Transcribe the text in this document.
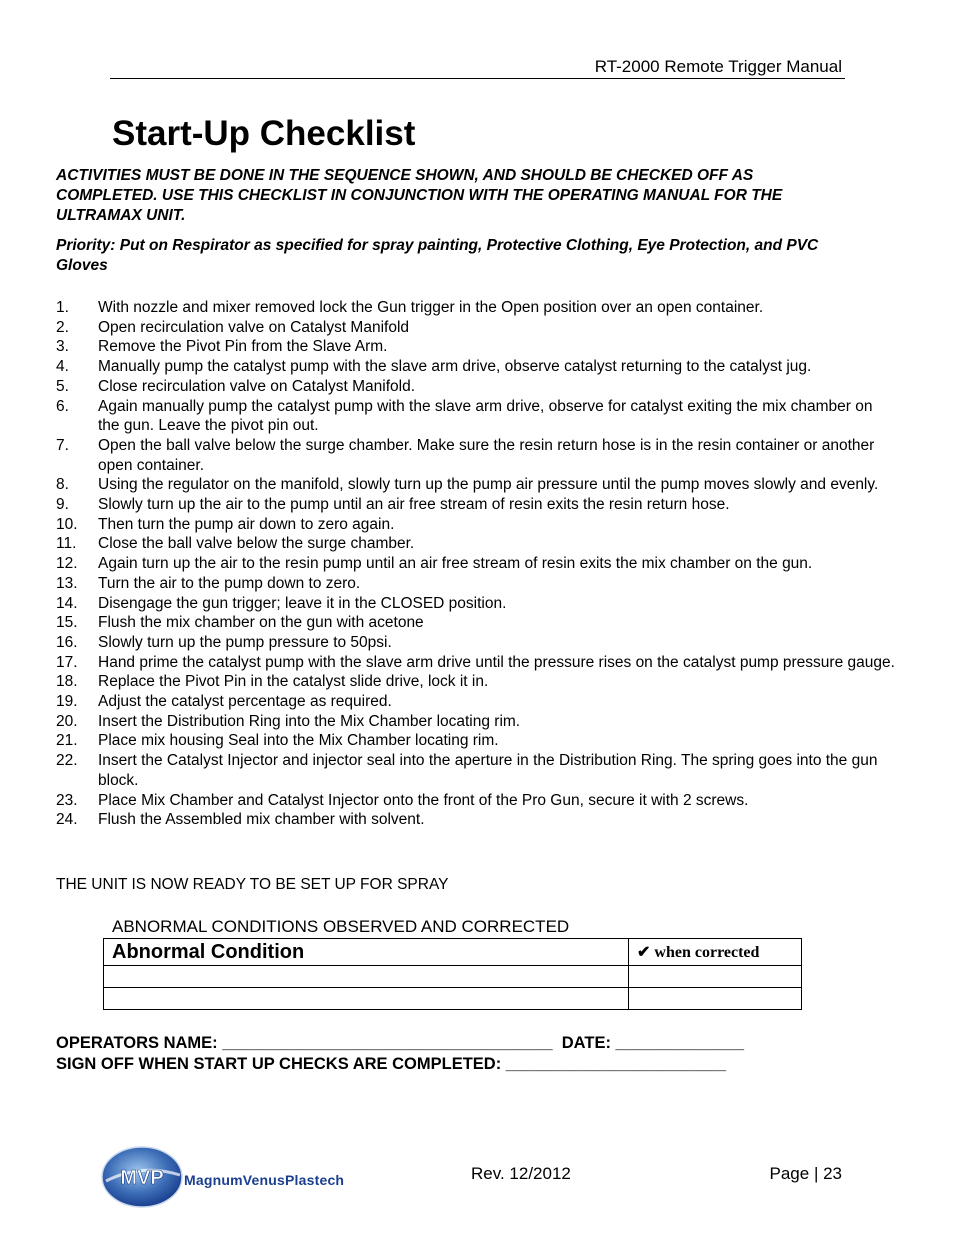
RT-2000 Remote Trigger Manual
Start-Up Checklist
ACTIVITIES MUST BE DONE IN THE SEQUENCE SHOWN, AND SHOULD BE CHECKED OFF AS COMPLETED. USE THIS CHECKLIST IN CONJUNCTION WITH THE OPERATING MANUAL FOR THE ULTRAMAX UNIT.
Priority: Put on Respirator as specified for spray painting, Protective Clothing, Eye Protection, and PVC Gloves
1.	With nozzle and mixer removed lock the Gun trigger in the Open position over an open container.
2.	Open recirculation valve on Catalyst Manifold
3.	Remove the Pivot Pin from the Slave Arm.
4.	Manually pump the catalyst pump with the slave arm drive, observe catalyst returning to the catalyst jug.
5.	Close recirculation valve on Catalyst Manifold.
6.	Again manually pump the catalyst pump with the slave arm drive, observe for catalyst exiting the mix chamber on the gun. Leave the pivot pin out.
7.	Open the ball valve below the surge chamber. Make sure the resin return hose is in the resin container or another open container.
8.	Using the regulator on the manifold, slowly turn up the pump air pressure until the pump moves slowly and evenly.
9.	Slowly turn up the air to the pump until an air free stream of resin exits the resin return hose.
10.	Then turn the pump air down to zero again.
11.	Close the ball valve below the surge chamber.
12.	Again turn up the air to the resin pump until an air free stream of resin exits the mix chamber on the gun.
13.	Turn the air to the pump down to zero.
14.	Disengage the gun trigger; leave it in the CLOSED position.
15.	Flush the mix chamber on the gun with acetone
16.	Slowly turn up the pump pressure to 50psi.
17.	Hand prime the catalyst pump with the slave arm drive until the pressure rises on the catalyst pump pressure gauge.
18.	Replace the Pivot Pin in the catalyst slide drive, lock it in.
19.	Adjust the catalyst percentage as required.
20.	Insert the Distribution Ring into the Mix Chamber locating rim.
21.	Place mix housing Seal into the Mix Chamber locating rim.
22.	Insert the Catalyst Injector and injector seal into the aperture in the Distribution Ring. The spring goes into the gun block.
23.	Place Mix Chamber and Catalyst Injector onto the front of the Pro Gun, secure it with 2 screws.
24.	Flush the Assembled mix chamber with solvent.
THE UNIT IS NOW READY TO BE SET UP FOR SPRAY
ABNORMAL CONDITIONS OBSERVED AND CORRECTED
Abnormal Condition	✔ when corrected

OPERATORS NAME: ____________________________________  DATE: ______________
SIGN OFF WHEN START UP CHECKS ARE COMPLETED: ________________________
MVP MagnumVenusPlastech	Rev. 12/2012	Page | 23
